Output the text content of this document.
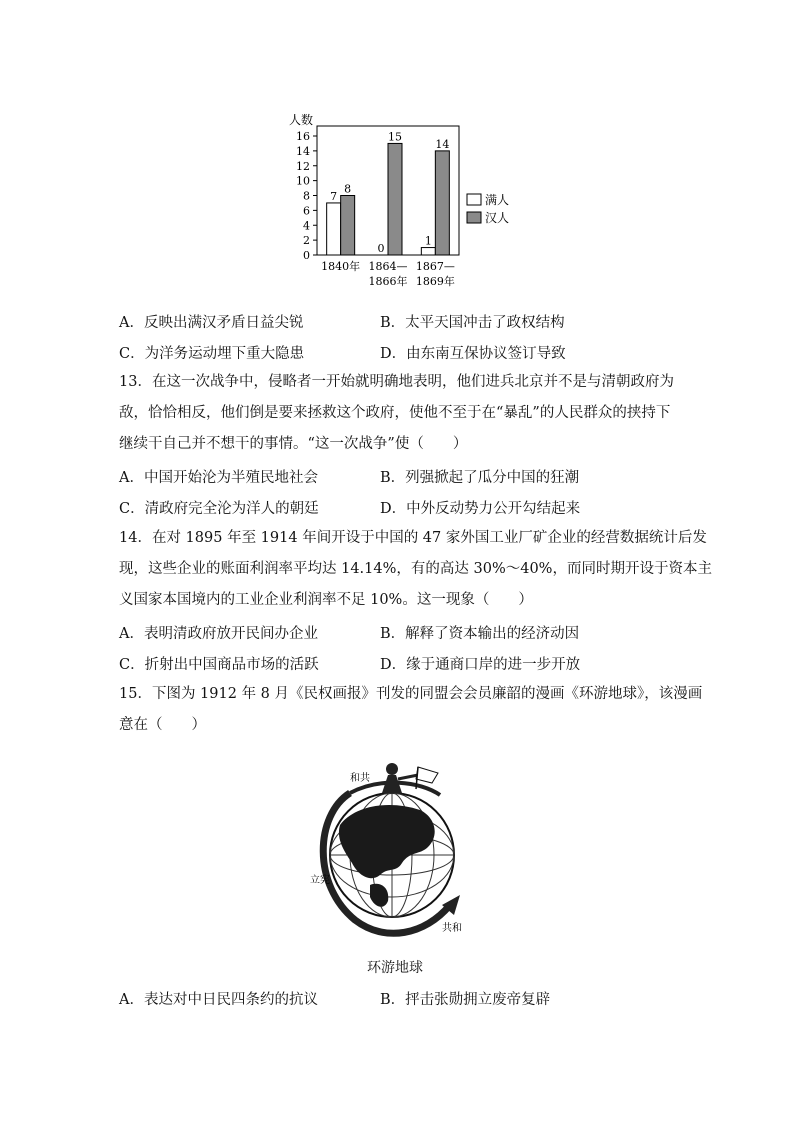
人数
0
2
4
6
8
10
12
14
16
7
8
0
15
1
14
1840年 1864—
1866年
1867—
1869年
满人
汉人
A．反映出满汉矛盾日益尖锐	B．太平天国冲击了政权结构
C．为洋务运动埋下重大隐患	D．由东南互保协议签订导致
13．在这一次战争中，侵略者一开始就明确地表明，他们进兵北京并不是与清朝政府为
敌，恰恰相反，他们倒是要来拯救这个政府，使他不至于在“暴乱”的人民群众的挟持下
继续干自己并不想干的事情。“这一次战争”使（　　）
A．中国开始沦为半殖民地社会	B．列强掀起了瓜分中国的狂潮
C．清政府完全沦为洋人的朝廷	D．中外反动势力公开勾结起来
14．在对 1895 年至 1914 年间开设于中国的 47 家外国工业厂矿企业的经营数据统计后发
现，这些企业的账面利润率平均达 14.14%，有的高达 30%～40%，而同时期开设于资本主
义国家本国境内的工业企业利润率不足 10%。这一现象（　　）
A．表明清政府放开民间办企业	B．解释了资本输出的经济动因
C．折射出中国商品市场的活跃	D．缘于通商口岸的进一步开放
15．下图为 1912 年 8 月《民权画报》刊发的同盟会会员廉韶的漫画《环游地球》，该漫画
意在（　　）
和共
立宪
共和
环游地球
A．表达对中日民四条约的抗议	B．抨击张勋拥立废帝复辟
